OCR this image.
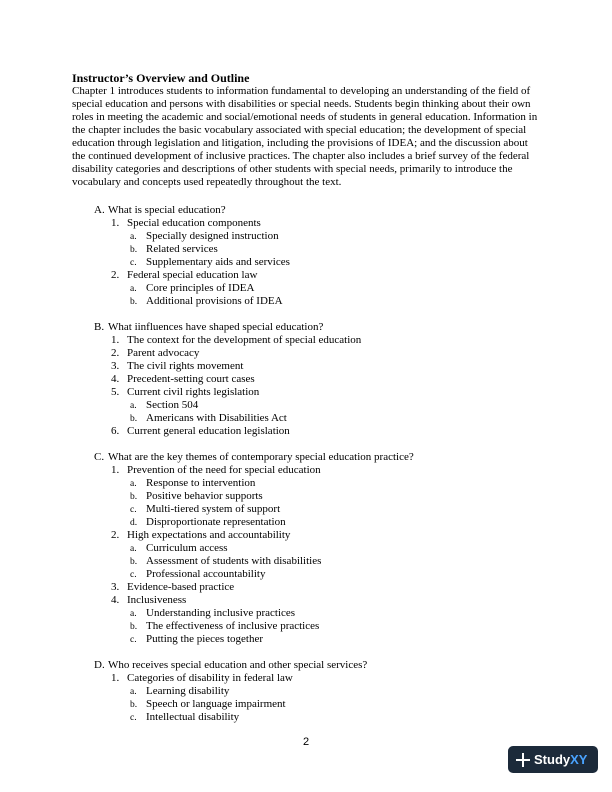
Instructor’s Overview and Outline
Chapter 1 introduces students to information fundamental to developing an understanding of the field of
special education and persons with disabilities or special needs. Students begin thinking about their own
roles in meeting the academic and social/emotional needs of students in general education. Information in
the chapter includes the basic vocabulary associated with special education; the development of special
education through legislation and litigation, including the provisions of IDEA; and the discussion about
the continued development of inclusive practices. The chapter also includes a brief survey of the federal
disability categories and descriptions of other students with special needs, primarily to introduce the
vocabulary and concepts used repeatedly throughout the text.
A. What is special education?
1. Special education components
a. Specially designed instruction
b. Related services
c. Supplementary aids and services
2. Federal special education law
a. Core principles of IDEA
b. Additional provisions of IDEA
B. What iinfluences have shaped special education?
1. The context for the development of special education
2. Parent advocacy
3. The civil rights movement
4. Precedent-setting court cases
5. Current civil rights legislation
a. Section 504
b. Americans with Disabilities Act
6. Current general education legislation
C. What are the key themes of contemporary special education practice?
1. Prevention of the need for special education
a. Response to intervention
b. Positive behavior supports
c. Multi-tiered system of support
d. Disproportionate representation
2. High expectations and accountability
a. Curriculum access
b. Assessment of students with disabilities
c. Professional accountability
3. Evidence-based practice
4. Inclusiveness
a. Understanding inclusive practices
b. The effectiveness of inclusive practices
c. Putting the pieces together
D. Who receives special education and other special services?
1. Categories of disability in federal law
a. Learning disability
b. Speech or language impairment
c. Intellectual disability
2
Study XY
